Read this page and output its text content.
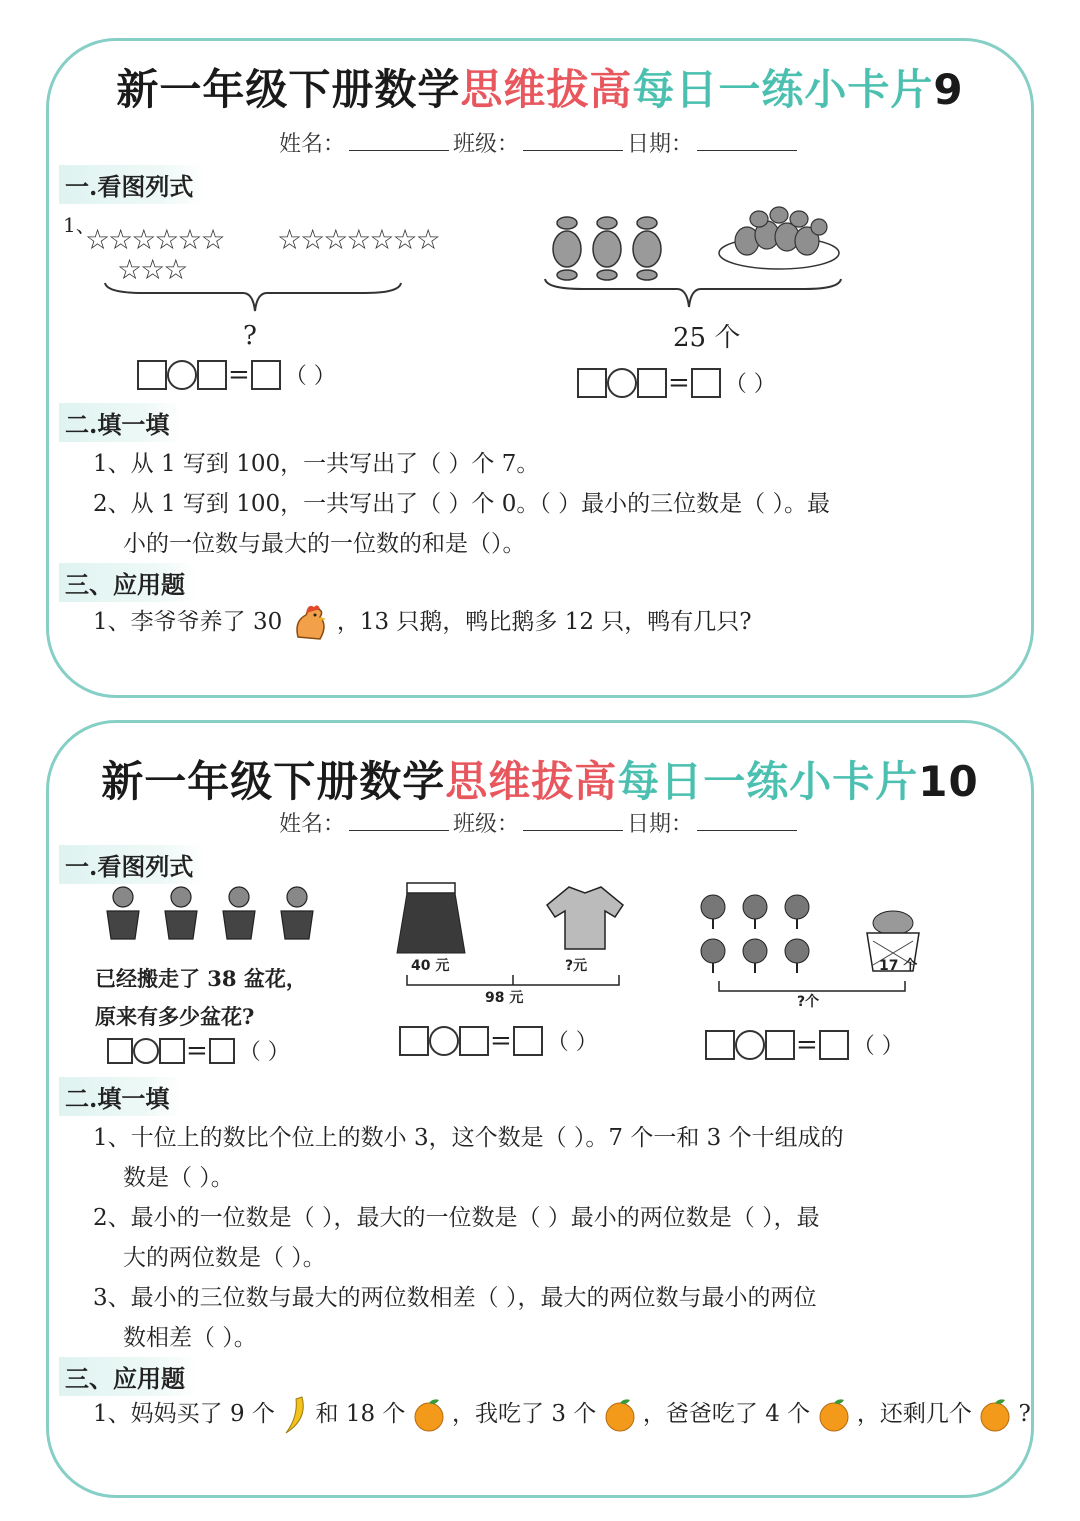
新一年级下册数学思维拔高每日一练小卡片9
姓名：	班级：	日期：
一.看图列式
1、
☆☆☆☆☆☆
☆☆☆
☆☆☆☆☆☆☆
?
= （ ）
25 个
= （ ）
二.填一填
1、从 1 写到 100，一共写出了（ ）个 7。
2、从 1 写到 100，一共写出了（ ）个 0。（ ）最小的三位数是（ ）。最
小的一位数与最大的一位数的和是（）。
三、应用题
1、李爷爷养了 30 ，13 只鹅，鸭比鹅多 12 只，鸭有几只?
新一年级下册数学思维拔高每日一练小卡片10
姓名：	班级：	日期：
一.看图列式
已经搬走了 38 盆花，
原来有多少盆花?
= （ ）
40 元	?元
98 元
= （ ）
17 个
?个
= （ ）
二.填一填
1、十位上的数比个位上的数小 3，这个数是（ ）。7 个一和 3 个十组成的
数是（ ）。
2、最小的一位数是（ ），最大的一位数是（ ）最小的两位数是（ ），最
大的两位数是（ ）。
3、最小的三位数与最大的两位数相差（ ），最大的两位数与最小的两位
数相差（ ）。
三、应用题
1、妈妈买了 9 个 和 18 个 ，我吃了 3 个 ，爸爸吃了 4 个 ，还剩几个 ?
